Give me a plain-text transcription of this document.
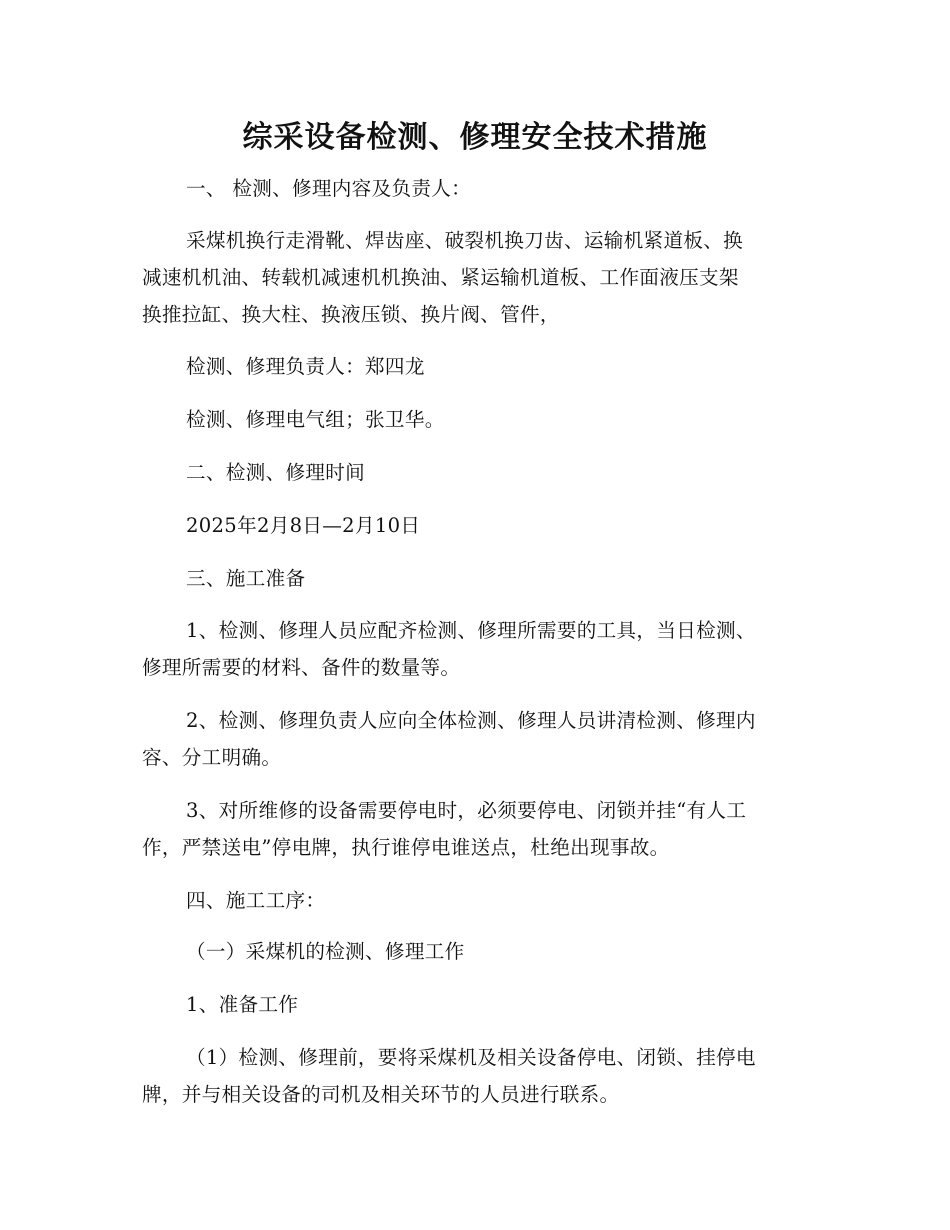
综采设备检测、修理安全技术措施
一、 检测、修理内容及负责人：
采煤机换行走滑靴、焊齿座、破裂机换刀齿、运输机紧道板、换
减速机机油、转载机减速机机换油、紧运输机道板、工作面液压支架
换推拉缸、换大柱、换液压锁、换片阀、管件，
检测、修理负责人：郑四龙
检测、修理电气组；张卫华。
二、检测、修理时间
2025年2月8日—2月10日
三、施工准备
1、检测、修理人员应配齐检测、修理所需要的工具，当日检测、
修理所需要的材料、备件的数量等。
2、检测、修理负责人应向全体检测、修理人员讲清检测、修理内
容、分工明确。
3、对所维修的设备需要停电时，必须要停电、闭锁并挂“有人工
作，严禁送电”停电牌，执行谁停电谁送点，杜绝出现事故。
四、施工工序：
（一）采煤机的检测、修理工作
1、准备工作
（1）检测、修理前，要将采煤机及相关设备停电、闭锁、挂停电
牌，并与相关设备的司机及相关环节的人员进行联系。
